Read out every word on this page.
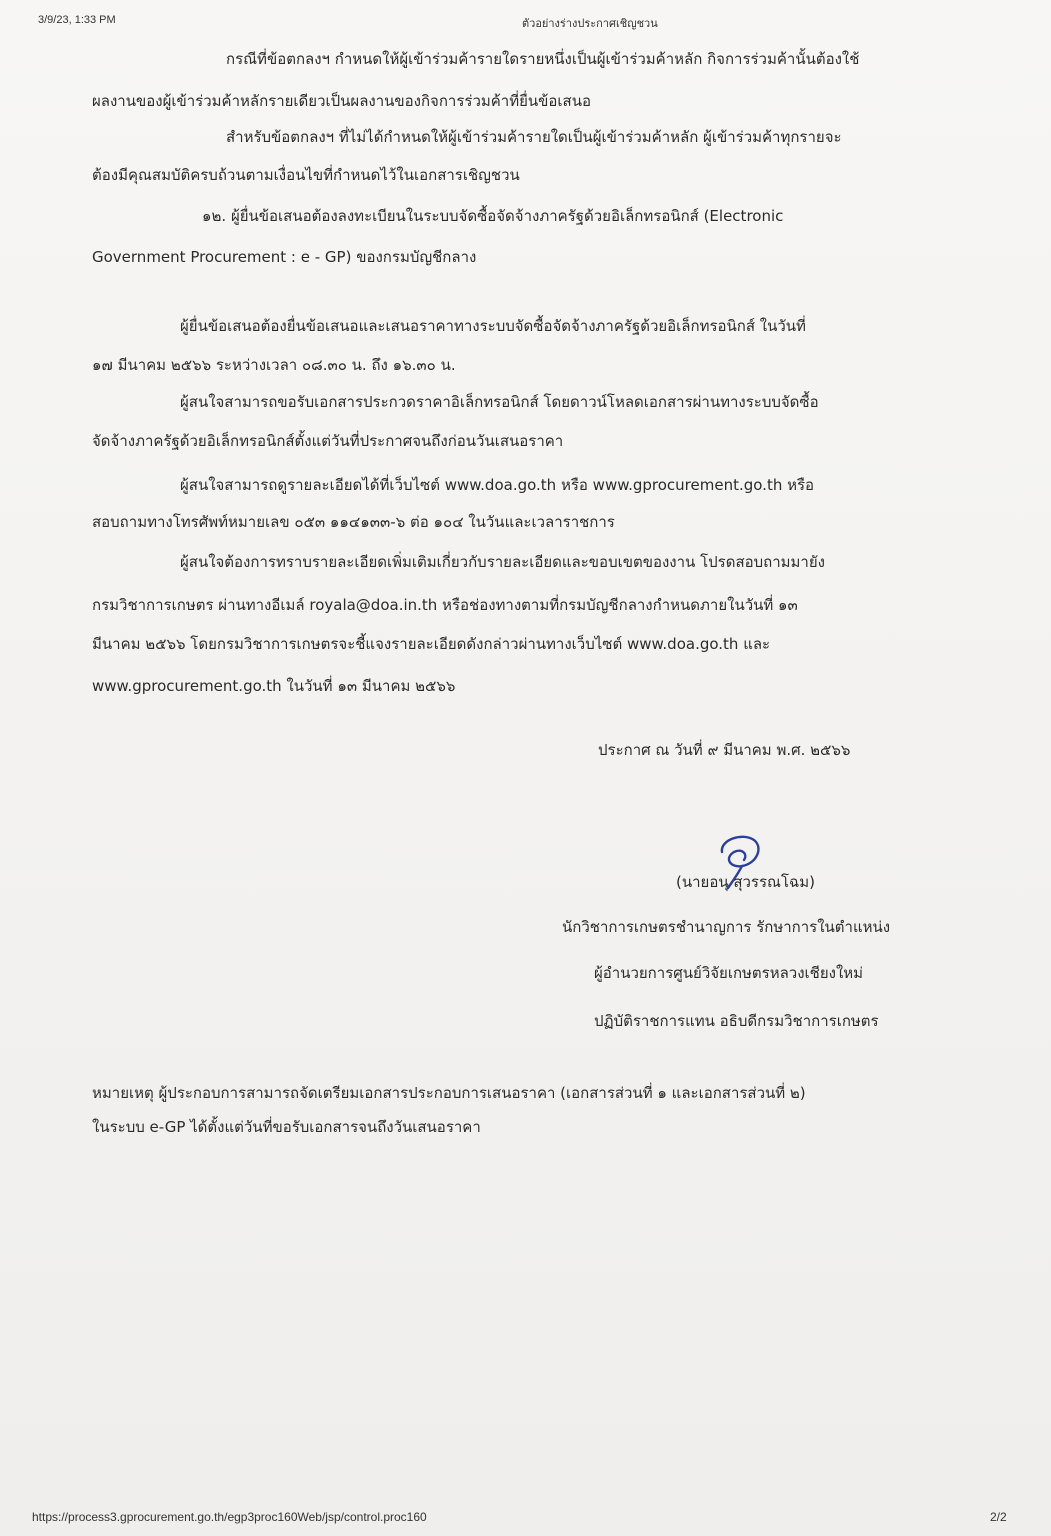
3/9/23, 1:33 PM	ตัวอย่างร่างประกาศเชิญชวน
กรณีที่ข้อตกลงฯ กำหนดให้ผู้เข้าร่วมค้ารายใดรายหนึ่งเป็นผู้เข้าร่วมค้าหลัก กิจการร่วมค้านั้นต้องใช้
ผลงานของผู้เข้าร่วมค้าหลักรายเดียวเป็นผลงานของกิจการร่วมค้าที่ยื่นข้อเสนอ
สำหรับข้อตกลงฯ ที่ไม่ได้กำหนดให้ผู้เข้าร่วมค้ารายใดเป็นผู้เข้าร่วมค้าหลัก ผู้เข้าร่วมค้าทุกรายจะ
ต้องมีคุณสมบัติครบถ้วนตามเงื่อนไขที่กำหนดไว้ในเอกสารเชิญชวน
๑๒. ผู้ยื่นข้อเสนอต้องลงทะเบียนในระบบจัดซื้อจัดจ้างภาครัฐด้วยอิเล็กทรอนิกส์ (Electronic
Government Procurement : e - GP) ของกรมบัญชีกลาง
ผู้ยื่นข้อเสนอต้องยื่นข้อเสนอและเสนอราคาทางระบบจัดซื้อจัดจ้างภาครัฐด้วยอิเล็กทรอนิกส์ ในวันที่
๑๗ มีนาคม ๒๕๖๖ ระหว่างเวลา ๐๘.๓๐ น. ถึง ๑๖.๓๐ น.
ผู้สนใจสามารถขอรับเอกสารประกวดราคาอิเล็กทรอนิกส์ โดยดาวน์โหลดเอกสารผ่านทางระบบจัดซื้อ
จัดจ้างภาครัฐด้วยอิเล็กทรอนิกส์ตั้งแต่วันที่ประกาศจนถึงก่อนวันเสนอราคา
ผู้สนใจสามารถดูรายละเอียดได้ที่เว็บไซต์ www.doa.go.th หรือ www.gprocurement.go.th หรือ
สอบถามทางโทรศัพท์หมายเลข ๐๕๓ ๑๑๔๑๓๓-๖ ต่อ ๑๐๔ ในวันและเวลาราชการ
ผู้สนใจต้องการทราบรายละเอียดเพิ่มเติมเกี่ยวกับรายละเอียดและขอบเขตของงาน โปรดสอบถามมายัง
กรมวิชาการเกษตร ผ่านทางอีเมล์ royala@doa.in.th หรือช่องทางตามที่กรมบัญชีกลางกำหนดภายในวันที่ ๑๓
มีนาคม ๒๕๖๖ โดยกรมวิชาการเกษตรจะชี้แจงรายละเอียดดังกล่าวผ่านทางเว็บไซต์ www.doa.go.th และ
www.gprocurement.go.th ในวันที่ ๑๓ มีนาคม ๒๕๖๖
ประกาศ ณ วันที่ ๙ มีนาคม พ.ศ. ๒๕๖๖
(นายอนุ สุวรรณโฉม)
นักวิชาการเกษตรชำนาญการ รักษาการในตำแหน่ง
ผู้อำนวยการศูนย์วิจัยเกษตรหลวงเชียงใหม่
ปฏิบัติราชการแทน อธิบดีกรมวิชาการเกษตร
หมายเหตุ ผู้ประกอบการสามารถจัดเตรียมเอกสารประกอบการเสนอราคา (เอกสารส่วนที่ ๑ และเอกสารส่วนที่ ๒)
ในระบบ e-GP ได้ตั้งแต่วันที่ขอรับเอกสารจนถึงวันเสนอราคา
https://process3.gprocurement.go.th/egp3proc160Web/jsp/control.proc160	2/2
